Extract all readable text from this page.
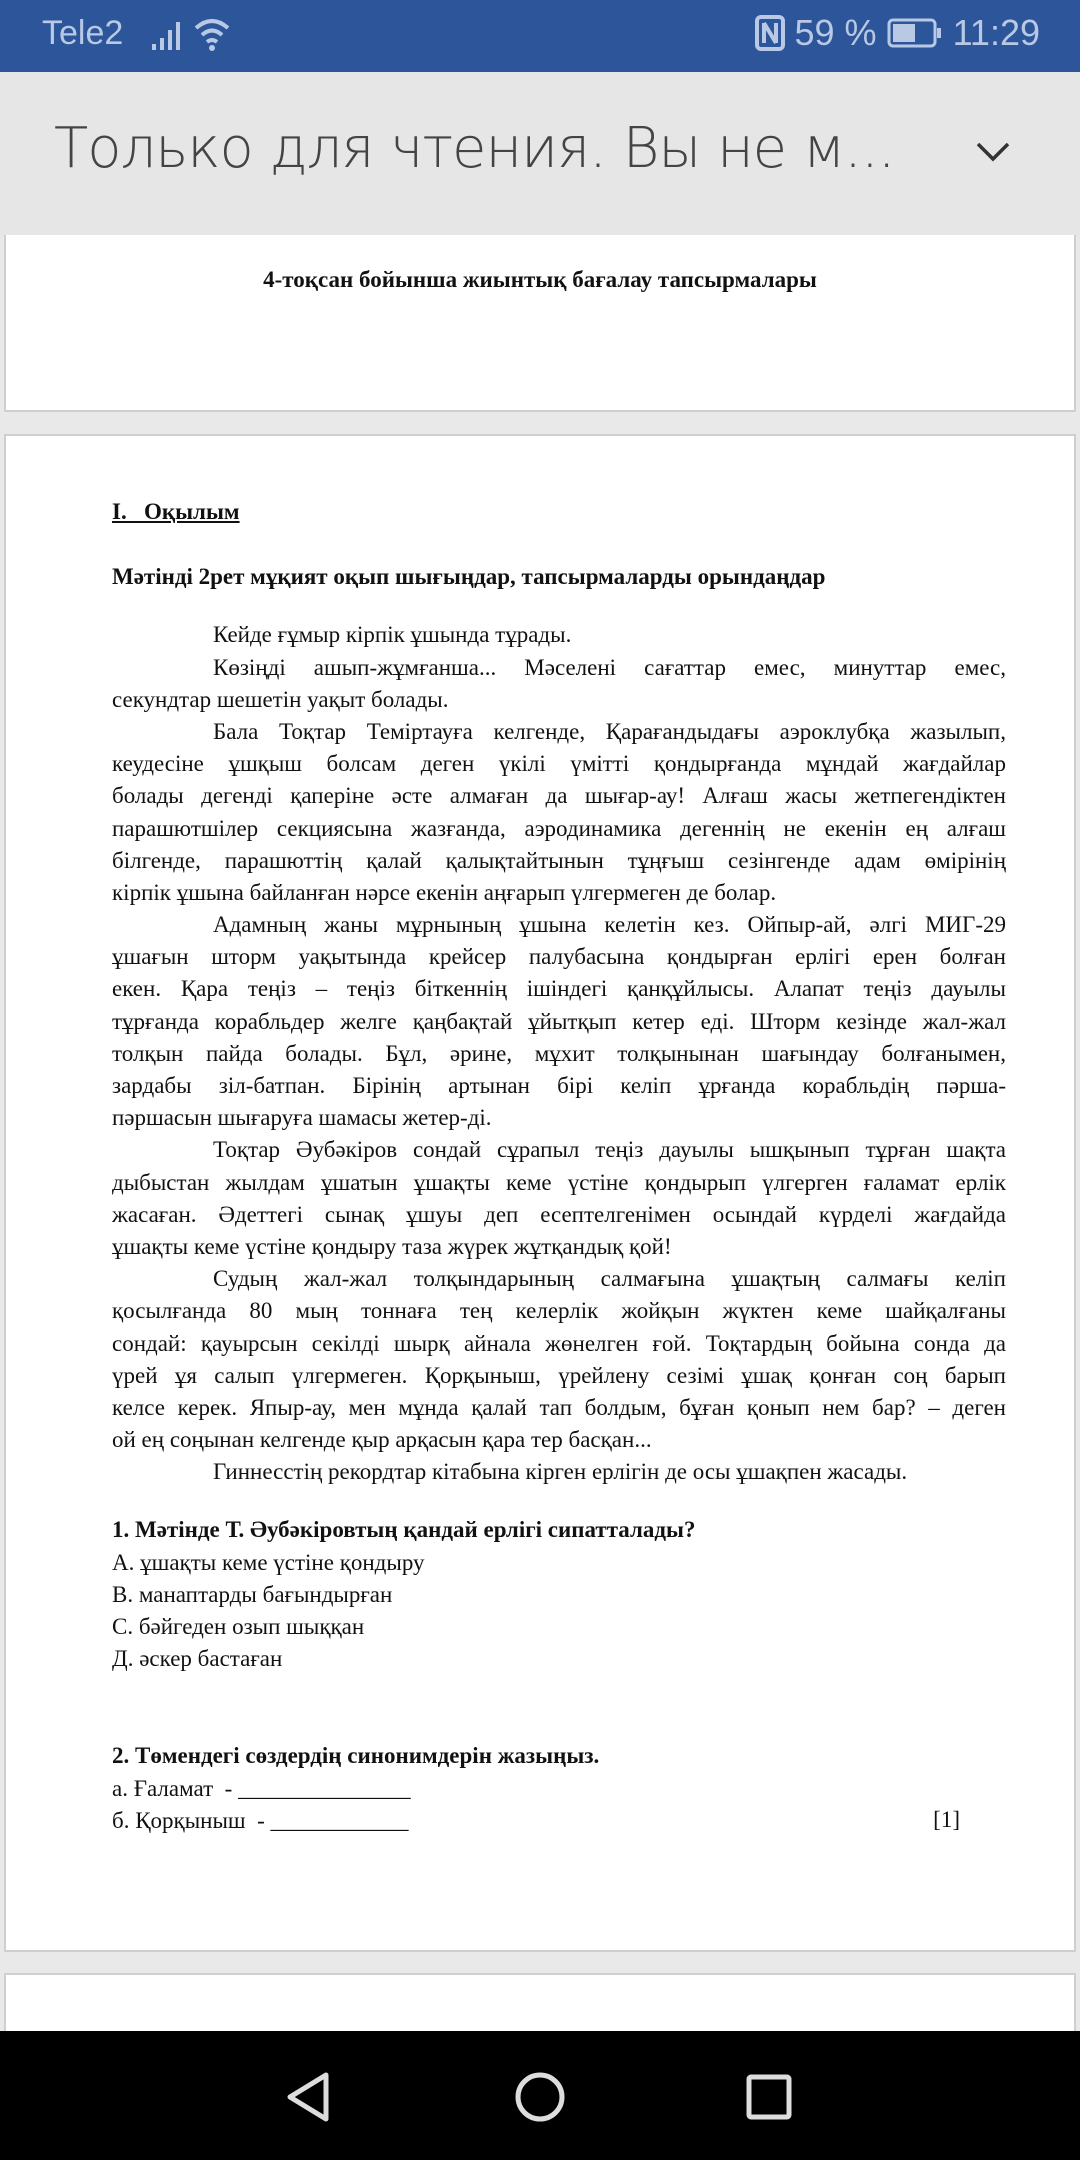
Tele2	59 % 11:29
Только для чтения. Вы не м...
4-тоқсан бойынша жиынтық бағалау тапсырмалары
I.   Оқылым
Мәтінді 2рет мұқият оқып шығыңдар, тапсырмаларды орындаңдар
Кейде ғұмыр кірпік ұшында тұрады.
Көзіңді ашып-жұмғанша... Мәселені сағаттар емес, минуттар емес,
секундтар шешетін уақыт болады.
Бала Тоқтар Теміртауға келгенде, Қарағандыдағы аэроклубқа жазылып,
кеудесіне ұшқыш болсам деген үкілі үмітті қондырғанда мұндай жағдайлар
болады дегенді қаперіне әсте алмаған да шығар-ау! Алғаш жасы жетпегендіктен
парашютшілер секциясына жазғанда, аэродинамика дегеннің не екенін ең алғаш
білгенде, парашюттің қалай қалықтайтынын тұңғыш сезінгенде адам өмірінің
кірпік ұшына байланған нәрсе екенін аңғарып үлгермеген де болар.
Адамның жаны мұрнының ұшына келетін кез. Ойпыр-ай, әлгі МИГ-29
ұшағын шторм уақытында крейсер палубасына қондырған ерлігі ерен болған
екен. Қара теңіз – теңіз біткеннің ішіндегі қанқұйлысы. Алапат теңіз дауылы
тұрғанда корабльдер желге қаңбақтай ұйытқып кетер еді. Шторм кезінде жал-жал
толқын пайда болады. Бұл, әрине, мұхит толқынынан шағындау болғанымен,
зардабы зіл-батпан. Бірінің артынан бірі келіп ұрғанда корабльдің пәрша-
пәршасын шығаруға шамасы жетер-ді.
Тоқтар Әубәкіров сондай сұрапыл теңіз дауылы ышқынып тұрған шақта
дыбыстан жылдам ұшатын ұшақты кеме үстіне қондырып үлгерген ғаламат ерлік
жасаған. Әдеттегі сынақ ұшуы деп есептелгенімен осындай күрделі жағдайда
ұшақты кеме үстіне қондыру таза жүрек жұтқандық қой!
Судың жал-жал толқындарының салмағына ұшақтың салмағы келіп
қосылғанда 80 мың тоннаға тең келерлік жойқын жүктен кеме шайқалғаны
сондай: қауырсын секілді шырқ айнала жөнелген ғой. Тоқтардың бойына сонда да
үрей ұя салып үлгермеген. Қорқыныш, үрейлену сезімі ұшақ қонған соң барып
келсе керек. Япыр-ау, мен мұнда қалай тап болдым, бұған қонып нем бар? – деген
ой ең соңынан келгенде қыр арқасын қара тер басқан...
Гиннесстің рекордтар кітабына кірген ерлігін де осы ұшақпен жасады.
1. Мәтінде Т. Әубәкіровтың қандай ерлігі сипатталады?
А. ұшақты кеме үстіне қондыру
В. манаптарды бағындырған
С. бәйгеден озып шыққан
Д. әскер бастаған
2. Төмендегі сөздердің синонимдерін жазыңыз.
а. Ғаламат  - _______________
б. Қорқыныш  - ____________	[1]
